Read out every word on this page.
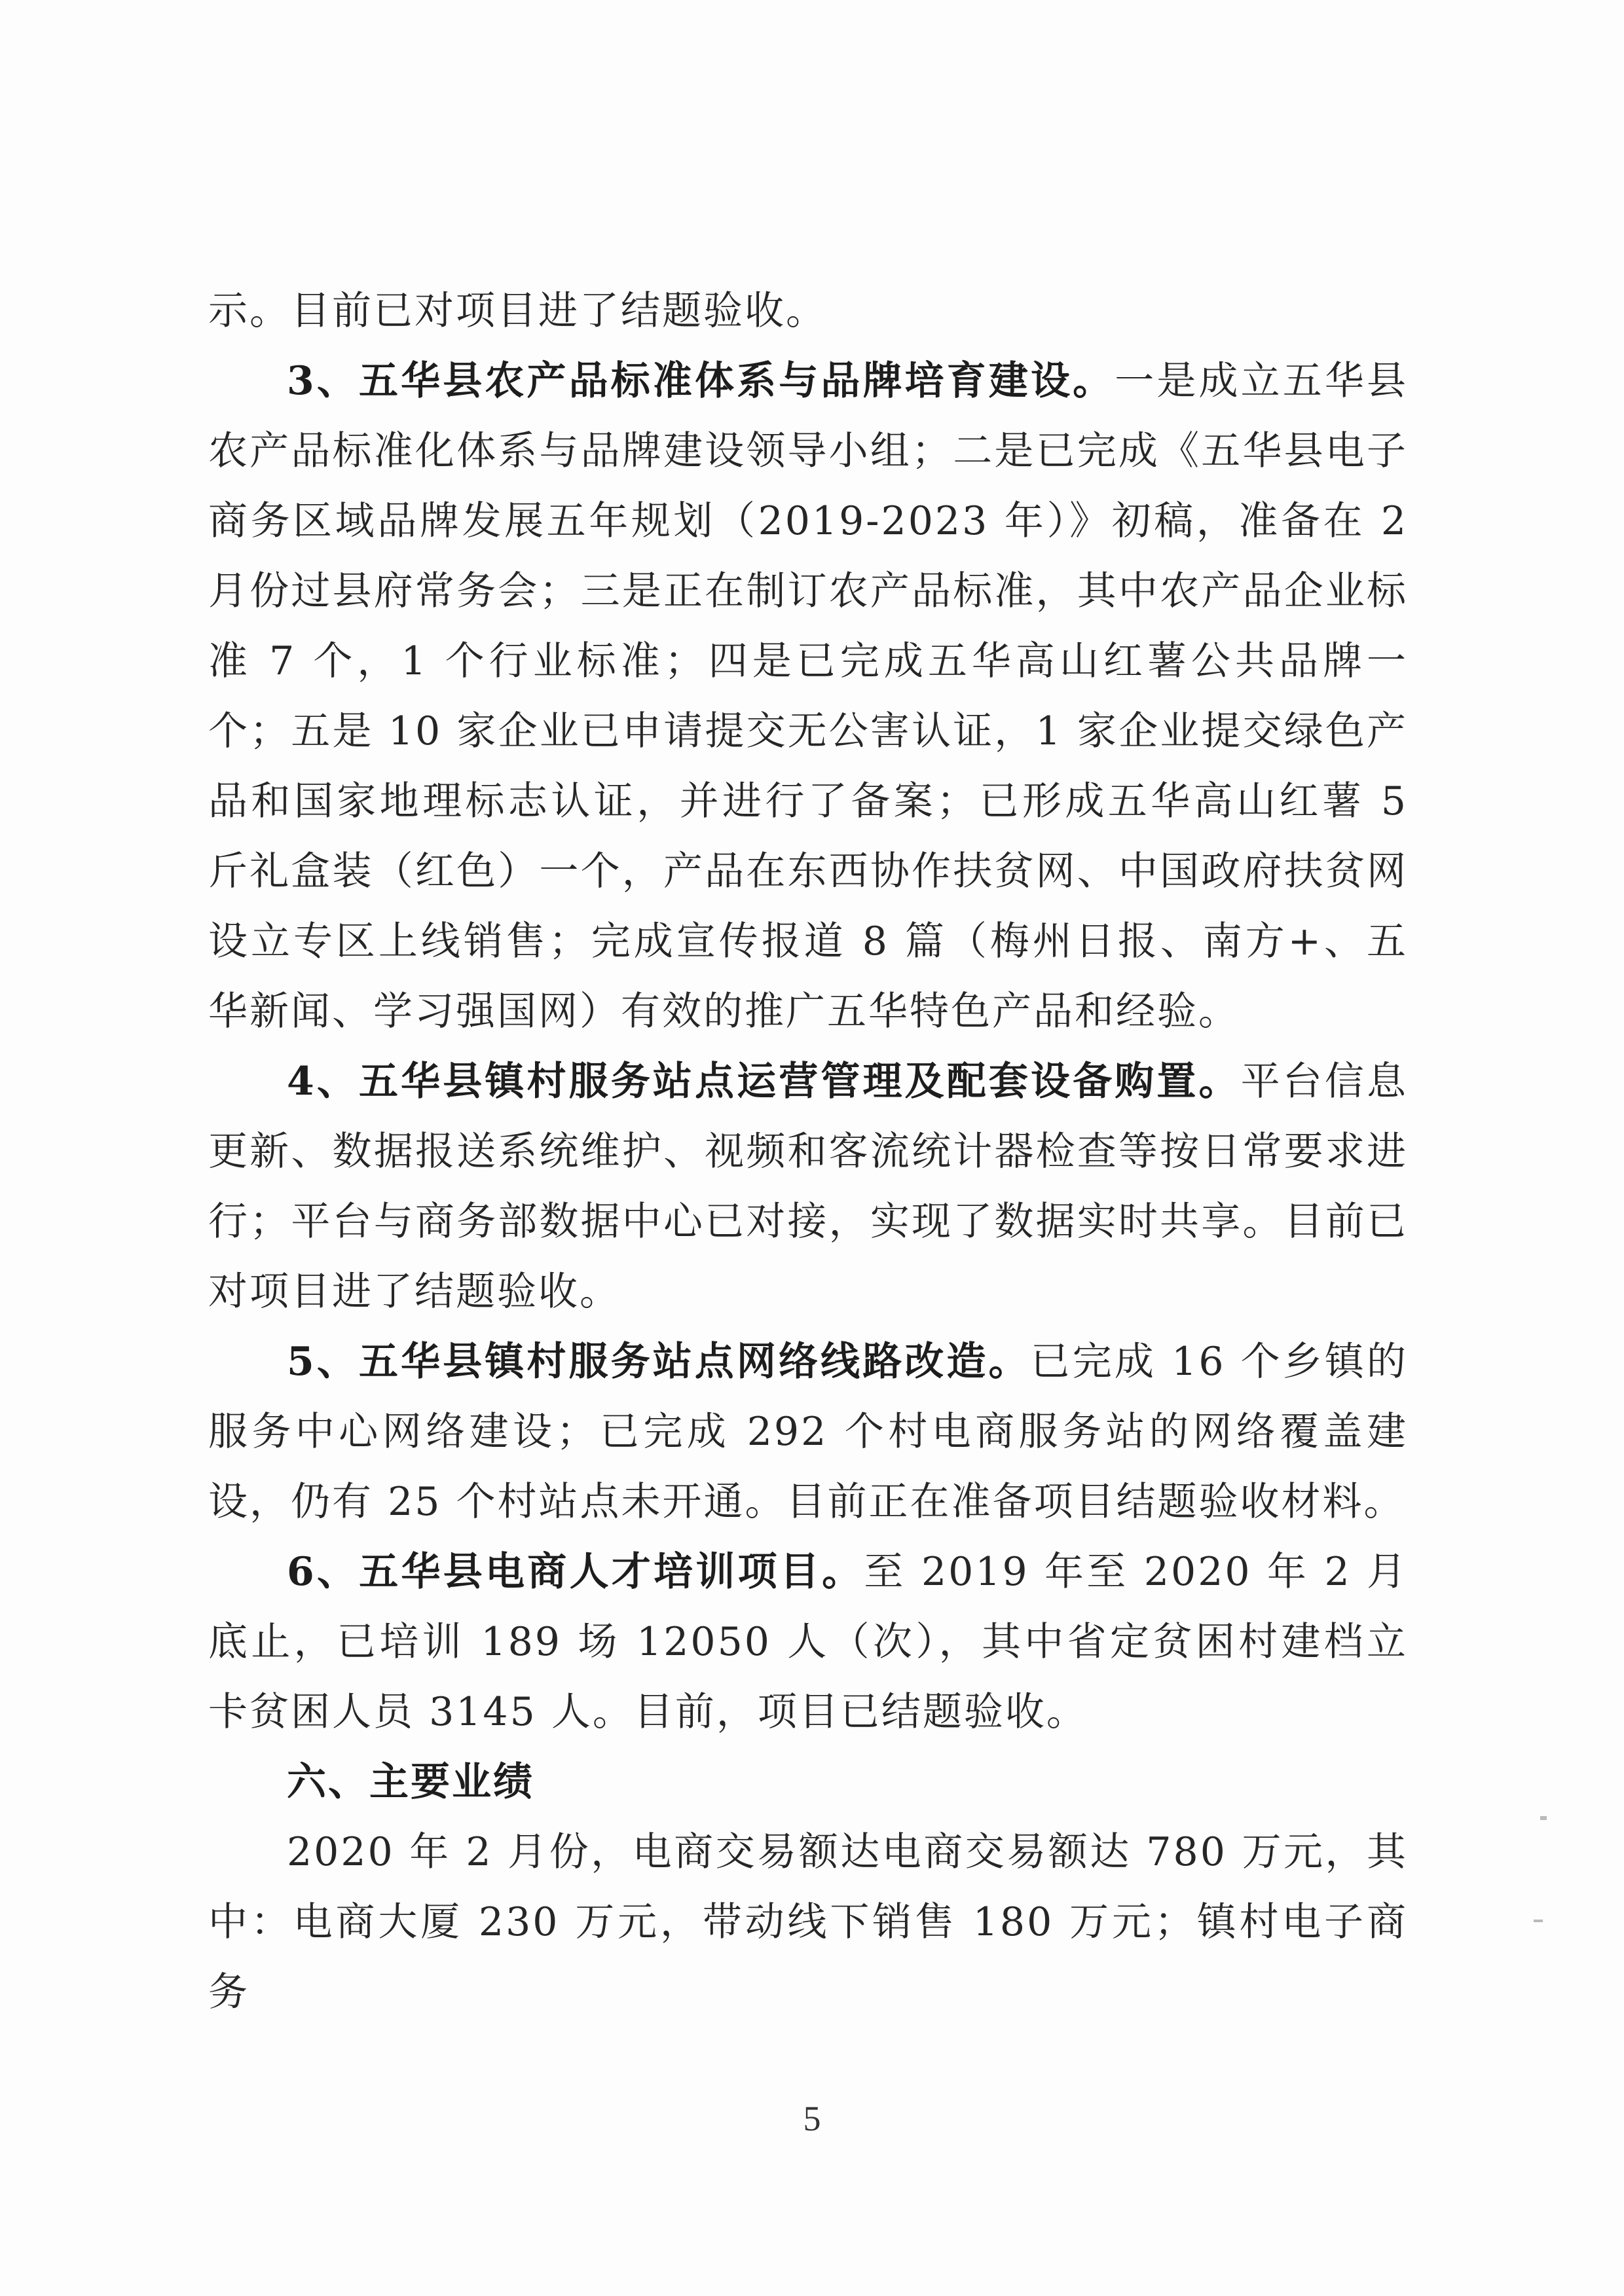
示。目前已对项目进了结题验收。

3、五华县农产品标准体系与品牌培育建设。一是成立五华县农产品标准化体系与品牌建设领导小组；二是已完成《五华县电子商务区域品牌发展五年规划（2019-2023 年）》初稿，准备在 2 月份过县府常务会；三是正在制订农产品标准，其中农产品企业标准 7 个，1 个行业标准；四是已完成五华高山红薯公共品牌一个；五是 10 家企业已申请提交无公害认证，1 家企业提交绿色产品和国家地理标志认证，并进行了备案；已形成五华高山红薯 5 斤礼盒装（红色）一个，产品在东西协作扶贫网、中国政府扶贫网设立专区上线销售；完成宣传报道 8 篇（梅州日报、南方+、五华新闻、学习强国网）有效的推广五华特色产品和经验。

4、五华县镇村服务站点运营管理及配套设备购置。平台信息更新、数据报送系统维护、视频和客流统计器检查等按日常要求进行；平台与商务部数据中心已对接，实现了数据实时共享。目前已对项目进了结题验收。

5、五华县镇村服务站点网络线路改造。已完成 16 个乡镇的服务中心网络建设；已完成 292 个村电商服务站的网络覆盖建设，仍有 25 个村站点未开通。目前正在准备项目结题验收材料。

6、五华县电商人才培训项目。至 2019 年至 2020 年 2 月底止，已培训 189 场 12050 人（次），其中省定贫困村建档立卡贫困人员 3145 人。目前，项目已结题验收。

六、主要业绩

2020 年 2 月份，电商交易额达电商交易额达 780 万元，其中：电商大厦 230 万元，带动线下销售 180 万元；镇村电子商务

5
